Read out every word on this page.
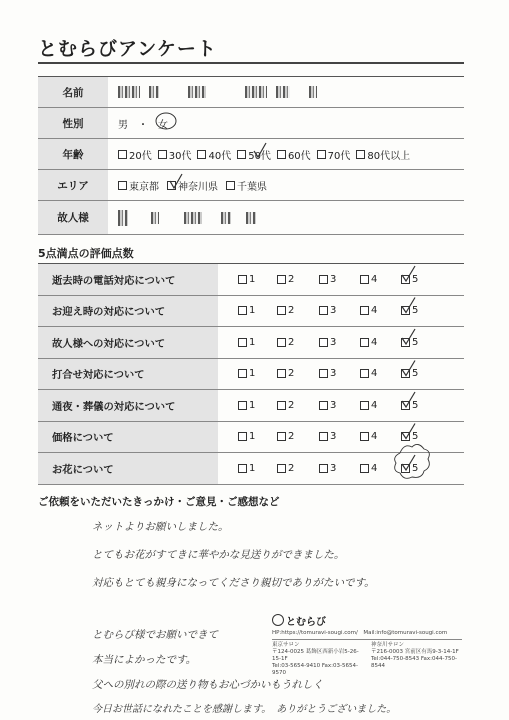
とむらびアンケート
名前
性別	男 ・ 女
年齢	20代 30代 40代 50代 60代 70代 80代以上
エリア	東京都 神奈川県 千葉県
故人様
5点満点の評価点数
逝去時の電話対応について	1	2	3	4	5
お迎え時の対応について	1	2	3	4	5
故人様への対応について	1	2	3	4	5
打合せ対応について	1	2	3	4	5
通夜・葬儀の対応について	1	2	3	4	5
価格について	1	2	3	4	5
お花について	1	2	3	4	5
ご依頼をいただいたきっかけ・ご意見・ご感想など
ネットよりお願いしました。
とてもお花がすてきに華やかな見送りができました。
対応もとても親身になってくださり親切でありがたいです。
とむらび様でお願いできて
本当によかったです。
父への別れの際の送り物もお心づかいもうれしく
今日お世話になれたことを感謝します。　ありがとうございました。
とむらび
HP:https://tomuravi-sougi.com/　Mail:info@tomuravi-sougi.com
東京サロン
〒124-0025 葛飾区西新小岩5-26-15-1F
Tel:03-5654-9410 Fax:03-5654-9570
神奈川サロン
〒216-0003 宮前区有馬9-3-14-1F
Tel:044-750-8543 Fax:044-750-8544
